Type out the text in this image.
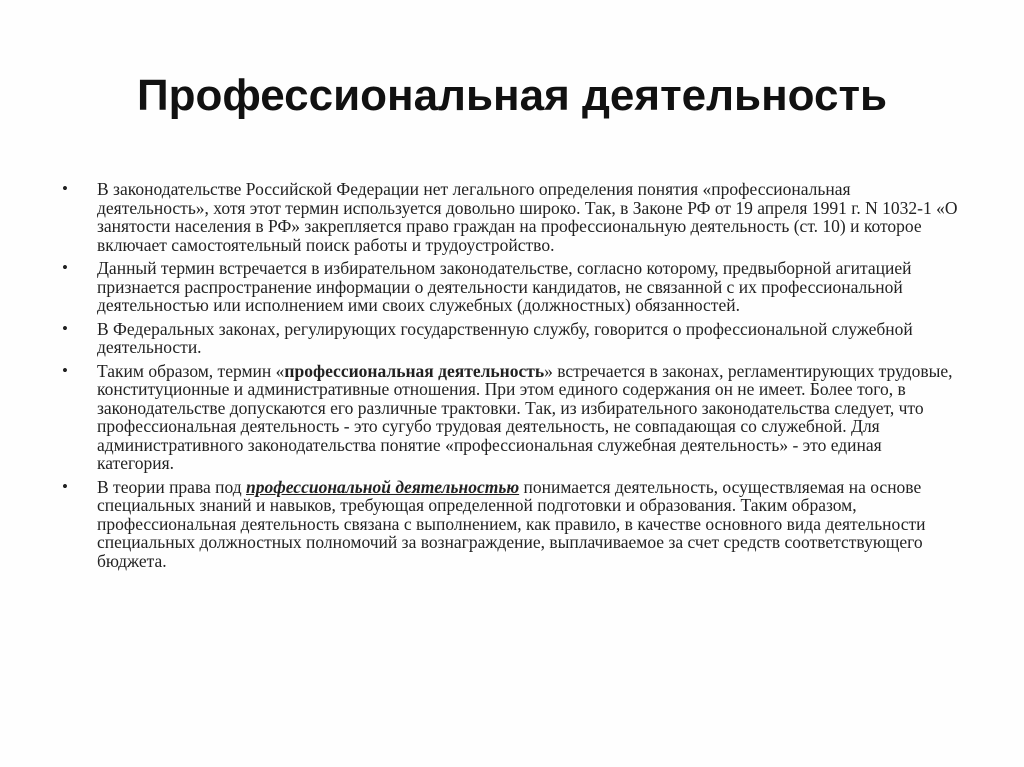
Профессиональная деятельность
• В законодательстве Российской Федерации нет легального определения понятия «профессиональная деятельность», хотя этот термин используется довольно широко. Так, в Законе РФ от 19 апреля 1991 г. N 1032-1 «О занятости населения в РФ» закрепляется право граждан на профессиональную деятельность (ст. 10) и которое включает самостоятельный поиск работы и трудоустройство.
• Данный термин встречается в избирательном законодательстве, согласно которому, предвыборной агитацией признается распространение информации о деятельности кандидатов, не связанной с их профессиональной деятельностью или исполнением ими своих служебных (должностных) обязанностей.
• В Федеральных законах, регулирующих государственную службу, говорится о профессиональной служебной деятельности.
• Таким образом, термин «профессиональная деятельность» встречается в законах, регламентирующих трудовые, конституционные и административные отношения. При этом единого содержания он не имеет. Более того, в законодательстве допускаются его различные трактовки. Так, из избирательного законодательства следует, что профессиональная деятельность - это сугубо трудовая деятельность, не совпадающая со служебной. Для административного законодательства понятие «профессиональная служебная деятельность» - это единая категория.
• В теории права под профессиональной деятельностью понимается деятельность, осуществляемая на основе специальных знаний и навыков, требующая определенной подготовки и образования. Таким образом, профессиональная деятельность связана с выполнением, как правило, в качестве основного вида деятельности специальных должностных полномочий за вознаграждение, выплачиваемое за счет средств соответствующего бюджета.
